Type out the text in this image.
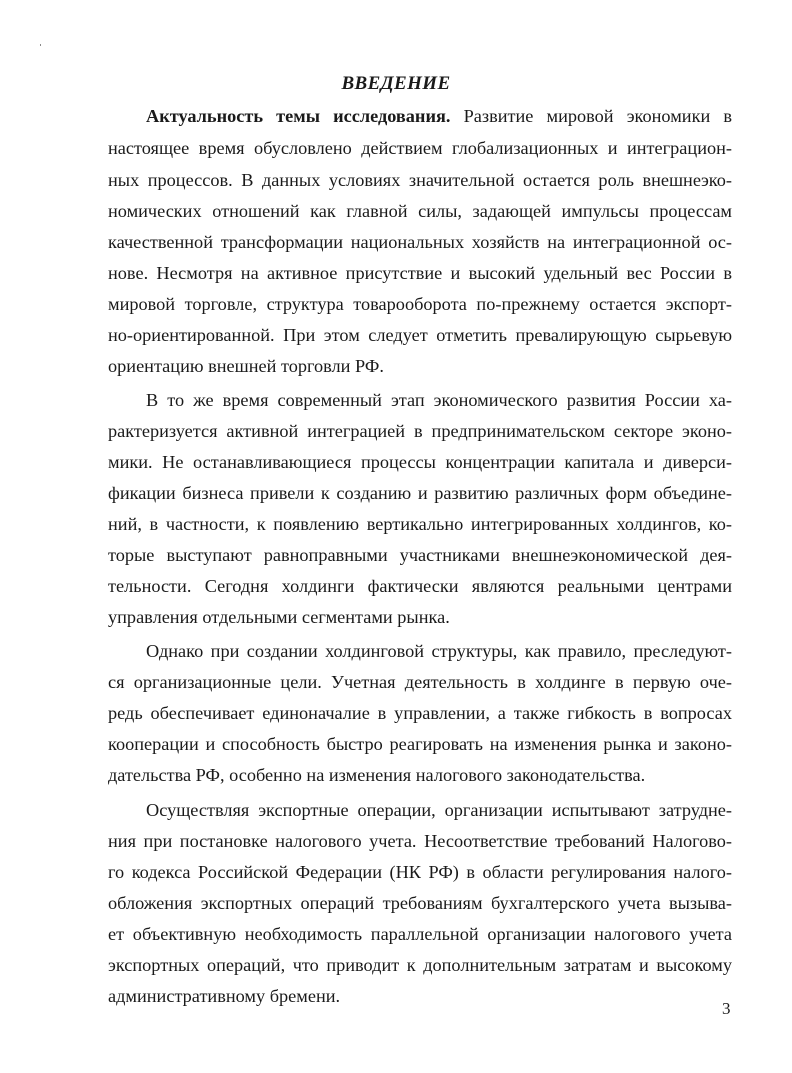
ВВЕДЕНИЕ
Актуальность темы исследования. Развитие мировой экономики в
настоящее время обусловлено действием глобализационных и интеграцион-
ных процессов. В данных условиях значительной остается роль внешнеэко-
номических отношений как главной силы, задающей импульсы процессам
качественной трансформации национальных хозяйств на интеграционной ос-
нове. Несмотря на активное присутствие и высокий удельный вес России в
мировой торговле, структура товарооборота по-прежнему остается экспорт-
но-ориентированной. При этом следует отметить превалирующую сырьевую
ориентацию внешней торговли РФ.
В то же время современный этап экономического развития России ха-
рактеризуется активной интеграцией в предпринимательском секторе эконо-
мики. Не останавливающиеся процессы концентрации капитала и диверси-
фикации бизнеса привели к созданию и развитию различных форм объедине-
ний, в частности, к появлению вертикально интегрированных холдингов, ко-
торые выступают равноправными участниками внешнеэкономической дея-
тельности. Сегодня холдинги фактически являются реальными центрами
управления отдельными сегментами рынка.
Однако при создании холдинговой структуры, как правило, преследуют-
ся организационные цели. Учетная деятельность в холдинге в первую оче-
редь обеспечивает единоначалие в управлении, а также гибкость в вопросах
кооперации и способность быстро реагировать на изменения рынка и законо-
дательства РФ, особенно на изменения налогового законодательства.
Осуществляя экспортные операции, организации испытывают затрудне-
ния при постановке налогового учета. Несоответствие требований Налогово-
го кодекса Российской Федерации (НК РФ) в области регулирования налого-
обложения экспортных операций требованиям бухгалтерского учета вызыва-
ет объективную необходимость параллельной организации налогового учета
экспортных операций, что приводит к дополнительным затратам и высокому
административному бремени.
3
